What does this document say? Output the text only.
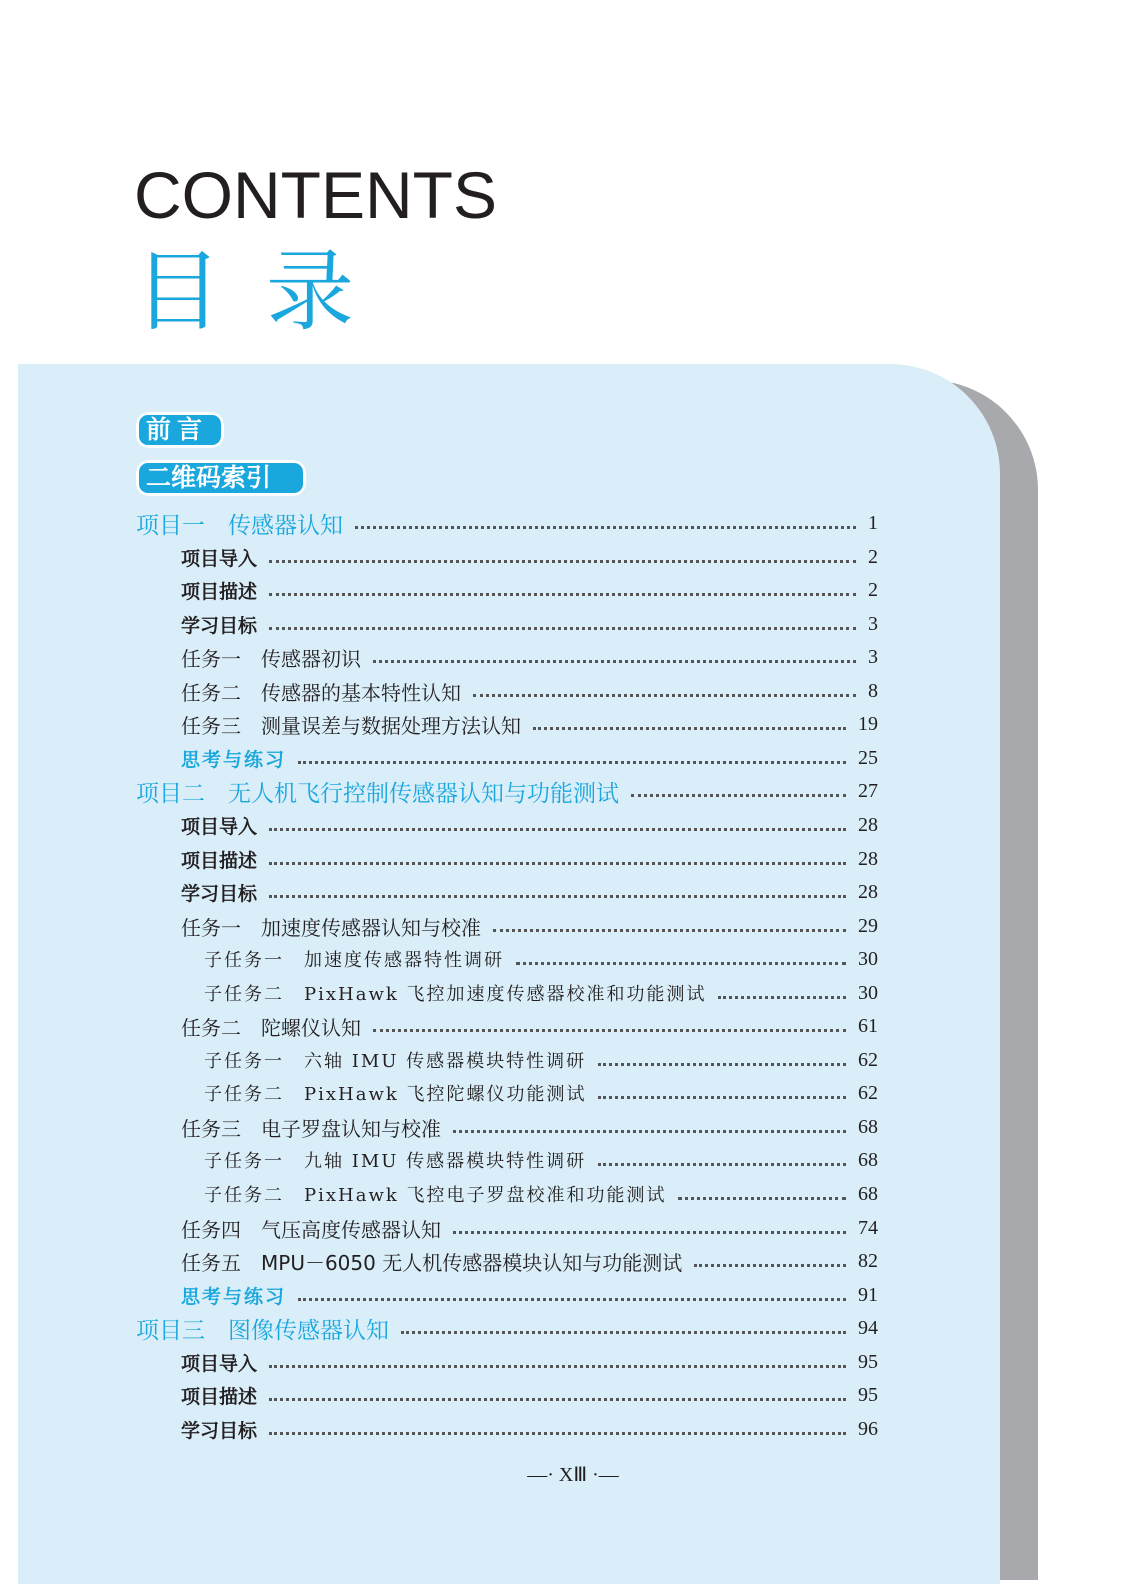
CONTENTS
目录
前言
二维码索引
项目一　传感器认知	1
项目导入	2
项目描述	2
学习目标	3
任务一　传感器初识	3
任务二　传感器的基本特性认知	8
任务三　测量误差与数据处理方法认知	19
思考与练习	25
项目二　无人机飞行控制传感器认知与功能测试	27
项目导入	28
项目描述	28
学习目标	28
任务一　加速度传感器认知与校准	29
子任务一　加速度传感器特性调研	30
子任务二　PixHawk 飞控加速度传感器校准和功能测试	30
任务二　陀螺仪认知	61
子任务一　六轴 IMU 传感器模块特性调研	62
子任务二　PixHawk 飞控陀螺仪功能测试	62
任务三　电子罗盘认知与校准	68
子任务一　九轴 IMU 传感器模块特性调研	68
子任务二　PixHawk 飞控电子罗盘校准和功能测试	68
任务四　气压高度传感器认知	74
任务五　MPU－6050 无人机传感器模块认知与功能测试	82
思考与练习	91
项目三　图像传感器认知	94
项目导入	95
项目描述	95
学习目标	96
—· XⅢ ·—
